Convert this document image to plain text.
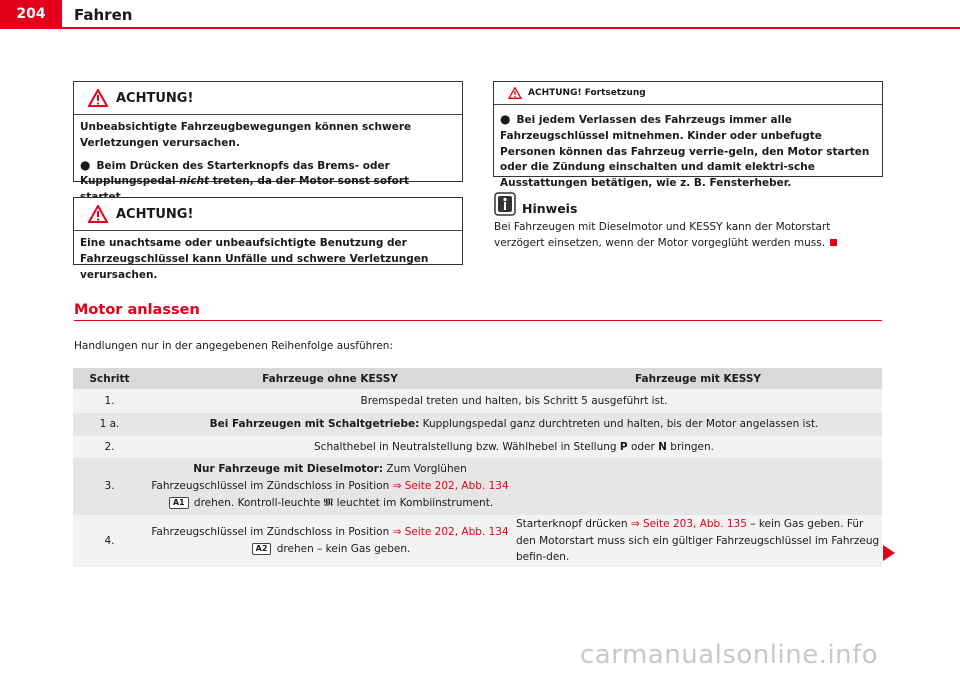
204	Fahren
ACHTUNG!

Unbeabsichtigte Fahrzeugbewegungen können schwere Verletzungen verursachen.

● Beim Drücken des Starterknopfs das Brems- oder Kupplungspedal nicht treten, da der Motor sonst sofort

ACHTUNG!

Eine unachtsame oder unbeaufsichtigte Benutzung der Fahrzeugschlüssel kann Unfälle und schwere Verletzungen verursachen.

ACHTUNG! Fortsetzung

● Bei jedem Verlassen des Fahrzeugs immer alle Fahrzeugschlüssel mitnehmen. Kinder oder unbefugte Personen können das Fahrzeug verrie-geln, den Motor starten oder die Zündung einschalten und damit elektri-sche Ausstattungen betätigen, wie z. B. Fensterheber.

Hinweis
Bei Fahrzeugen mit Dieselmotor und KESSY kann der Motorstart verzögert einsetzen, wenn der Motor vorgeglüht werden muss.
Motor anlassen
Handlungen nur in der angegebenen Reihenfolge ausführen:
Schritt	Fahrzeuge ohne KESSY	Fahrzeuge mit KESSY
1.	Bremspedal treten und halten, bis Schritt 5 ausgeführt ist.	
1 a.	Bei Fahrzeugen mit Schaltgetriebe: Kupplungspedal ganz durchtreten und halten, bis der Motor angelassen ist.	
2.	Schalthebel in Neutralstellung bzw. Wählhebel in Stellung P oder N bringen.	
3.	Nur Fahrzeuge mit Dieselmotor: Zum Vorglühen Fahrzeugschlüssel im Zündschloss in Position ⇒ Seite 202, Abb. 134 A1 drehen. Kontroll-leuchte 𝕸 leuchtet im Kombiinstrument.	
4.	Fahrzeugschlüssel im Zündschloss in Position ⇒ Seite 202, Abb. 134 A2 drehen – kein Gas geben.	Starterknopf drücken ⇒ Seite 203, Abb. 135 – kein Gas geben. Für den Motorstart muss sich ein gültiger Fahrzeugschlüssel im Fahrzeug befin-den.
carmanualsonline.info
